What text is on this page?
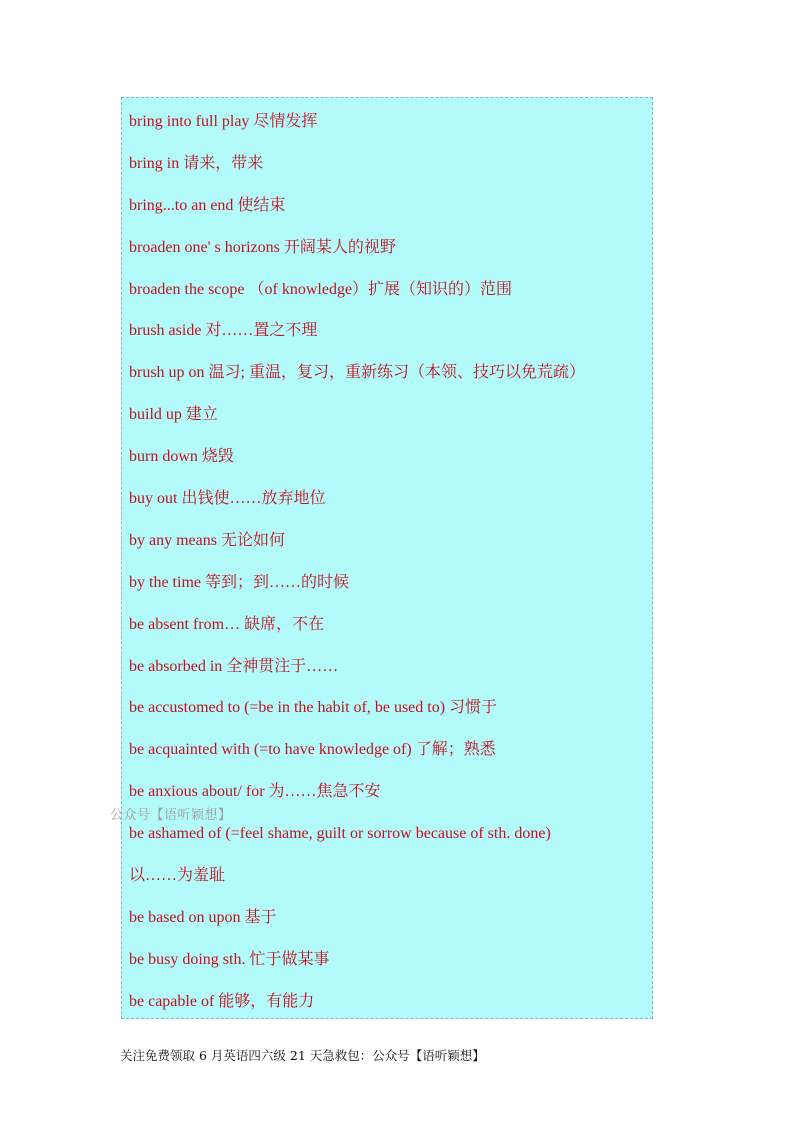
bring into full play 尽情发挥
bring in 请来，带来
bring...to an end 使结束
broaden one' s horizons 开阔某人的视野
broaden the scope （of knowledge）扩展（知识的）范围
brush aside 对……置之不理
brush up on 温习; 重温，复习，重新练习（本领、技巧以免荒疏）
build up 建立
burn down 烧毁
buy out 出钱使……放弃地位
by any means 无论如何
by the time 等到；到……的时候
be absent from… 缺席，不在
be absorbed in 全神贯注于……
be accustomed to (=be in the habit of, be used to) 习惯于
be acquainted with (=to have knowledge of) 了解；熟悉
be anxious about/ for 为……焦急不安
be ashamed of (=feel shame, guilt or sorrow because of sth. done)
以……为羞耻
be based on upon 基于
be busy doing sth. 忙于做某事
be capable of 能够，有能力
公众号【语听颖想】
关注免费领取 6 月英语四六级 21 天急救包：公众号【语听颖想】
